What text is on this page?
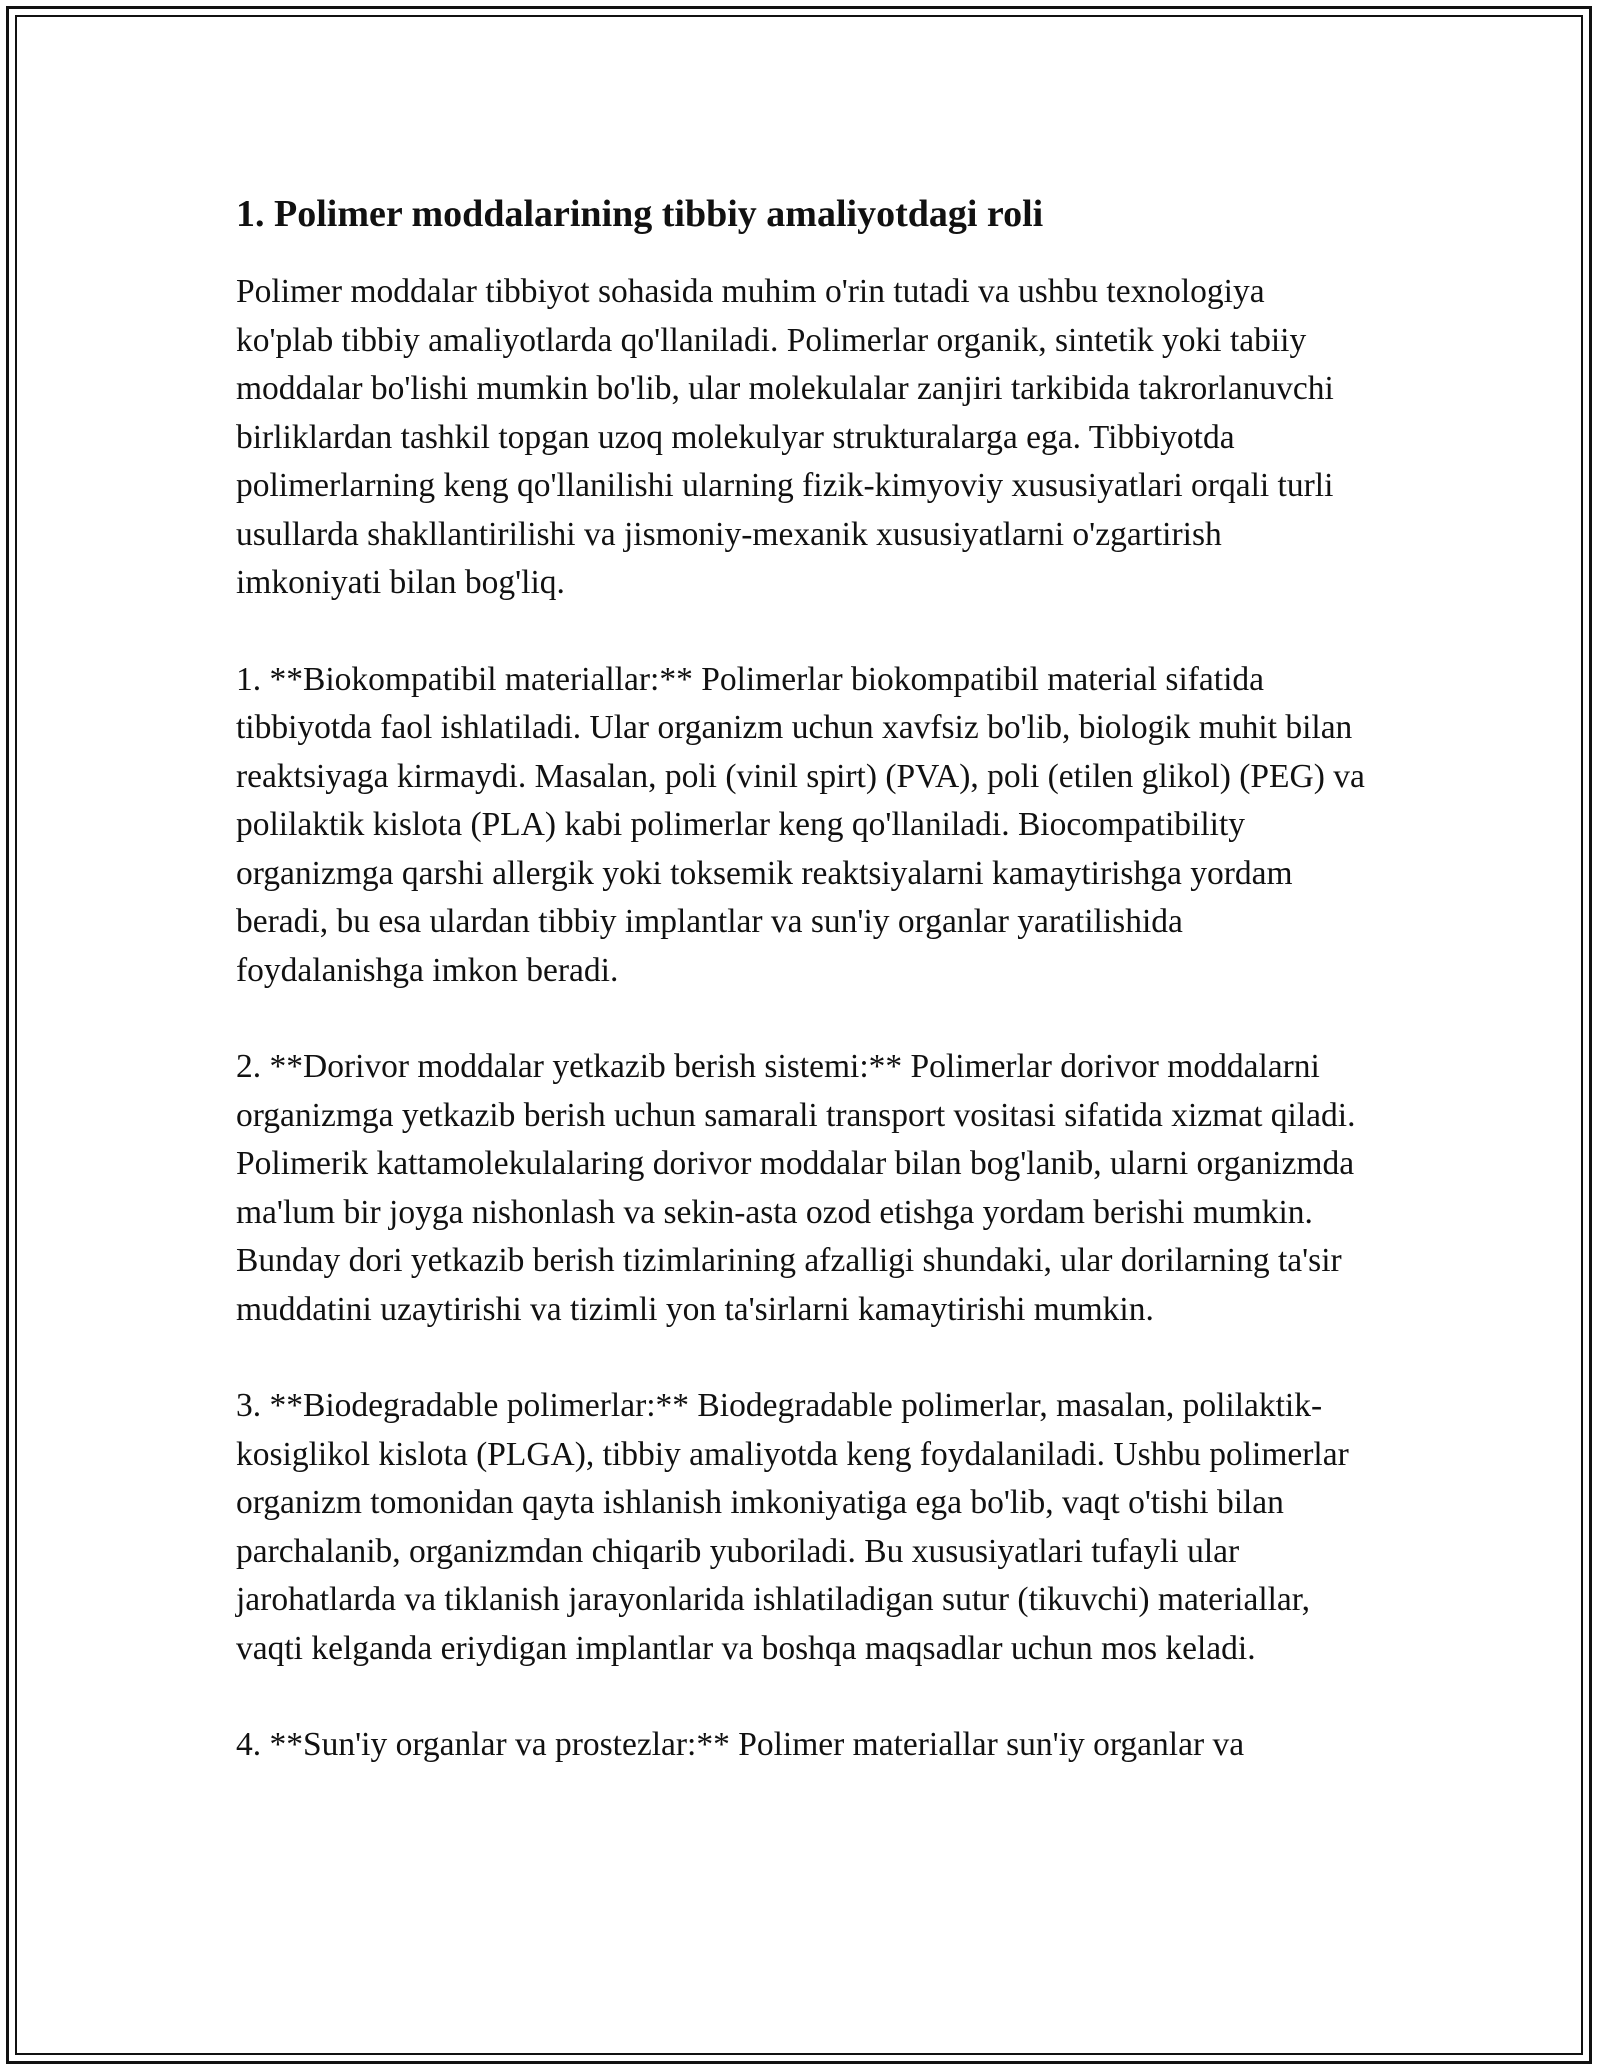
1. Polimer moddalarining tibbiy amaliyotdagi roli

Polimer moddalar tibbiyot sohasida muhim o'rin tutadi va ushbu texnologiya ko'plab tibbiy amaliyotlarda qo'llaniladi. Polimerlar organik, sintetik yoki tabiiy moddalar bo'lishi mumkin bo'lib, ular molekulalar zanjiri tarkibida takrorlanuvchi birliklardan tashkil topgan uzoq molekulyar strukturalarga ega. Tibbiyotda polimerlarning keng qo'llanilishi ularning fizik-kimyoviy xususiyatlari orqali turli usullarda shakllantirilishi va jismoniy-mexanik xususiyatlarni o'zgartirish imkoniyati bilan bog'liq.

1. **Biokompatibil materiallar:** Polimerlar biokompatibil material sifatida tibbiyotda faol ishlatiladi. Ular organizm uchun xavfsiz bo'lib, biologik muhit bilan reaktsiyaga kirmaydi. Masalan, poli (vinil spirt) (PVA), poli (etilen glikol) (PEG) va polilaktik kislota (PLA) kabi polimerlar keng qo'llaniladi. Biocompatibility organizmga qarshi allergik yoki toksemik reaktsiyalarni kamaytirishga yordam beradi, bu esa ulardan tibbiy implantlar va sun'iy organlar yaratilishida foydalanishga imkon beradi.

2. **Dorivor moddalar yetkazib berish sistemi:** Polimerlar dorivor moddalarni organizmga yetkazib berish uchun samarali transport vositasi sifatida xizmat qiladi. Polimerik kattamolekulalaring dorivor moddalar bilan bog'lanib, ularni organizmda ma'lum bir joyga nishonlash va sekin-asta ozod etishga yordam berishi mumkin. Bunday dori yetkazib berish tizimlarining afzalligi shundaki, ular dorilarning ta'sir muddatini uzaytirishi va tizimli yon ta'sirlarni kamaytirishi mumkin.

3. **Biodegradable polimerlar:** Biodegradable polimerlar, masalan, polilaktik-kosiglikol kislota (PLGA), tibbiy amaliyotda keng foydalaniladi. Ushbu polimerlar organizm tomonidan qayta ishlanish imkoniyatiga ega bo'lib, vaqt o'tishi bilan parchalanib, organizmdan chiqarib yuboriladi. Bu xususiyatlari tufayli ular jarohatlarda va tiklanish jarayonlarida ishlatiladigan sutur (tikuvchi) materiallar, vaqti kelganda eriydigan implantlar va boshqa maqsadlar uchun mos keladi.

4. **Sun'iy organlar va prostezlar:** Polimer materiallar sun'iy organlar va
